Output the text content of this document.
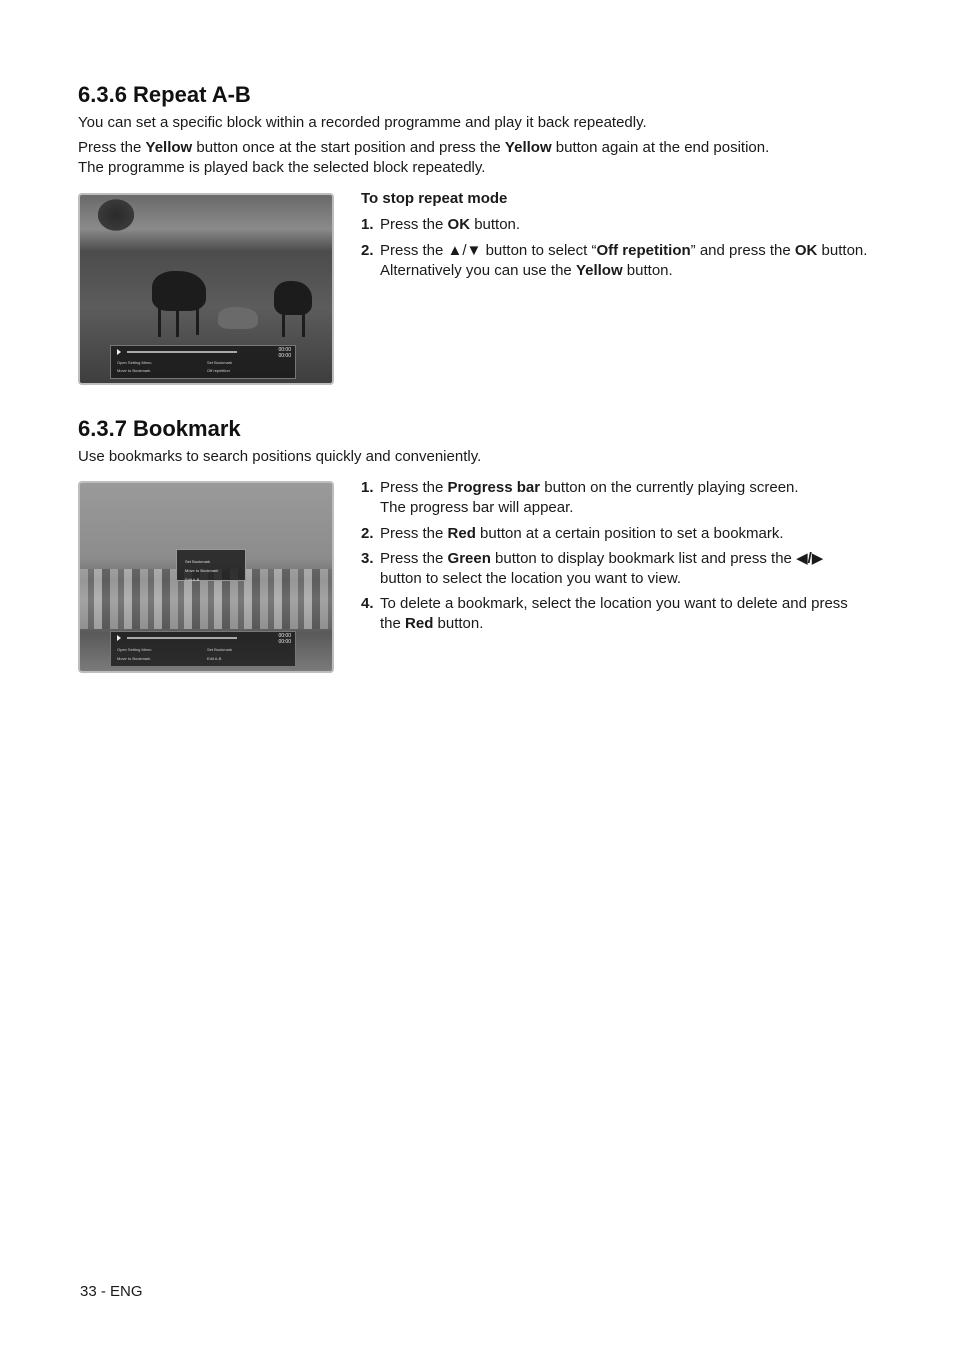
6.3.6 Repeat A-B

You can set a specific block within a recorded programme and play it back repeatedly.

Press the Yellow button once at the start position and press the Yellow button again at the end position.

The programme is played back the selected block repeatedly.

00:00
00:00
Open Setting Menu	Set Bookmark
Move to Bookmark	Off repetition

To stop repeat mode

1. Press the OK button.

2. Press the ▲/▼ button to select “Off repetition” and press the OK button.

Alternatively you can use the Yellow button.

6.3.7 Bookmark

Use bookmarks to search positions quickly and conveniently.

Set Bookmark
Move to Bookmark
Edit A-B
00:00
00:00
Open Setting Menu	Set Bookmark
Move to Bookmark	Edit A-B

1. Press the Progress bar button on the currently playing screen.

The progress bar will appear.

2. Press the Red button at a certain position to set a bookmark.

3. Press the Green button to display bookmark list and press the ◀/▶

button to select the location you want to view.

4. To delete a bookmark, select the location you want to delete and press

the Red button.

33 - ENG
